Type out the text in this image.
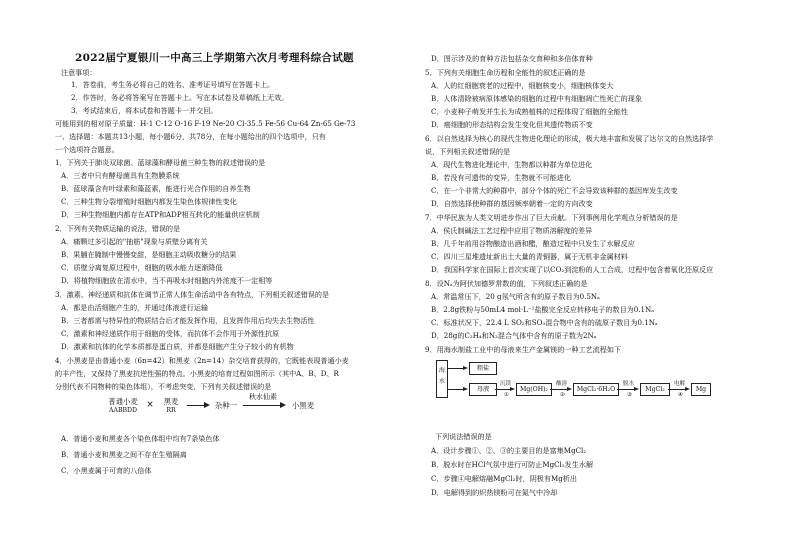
2022届宁夏银川一中高三上学期第六次月考理科综合试题
注意事项：
1．答卷前，考生务必将自己的姓名、准考证号填写在答题卡上。
2．作答时，务必将答案写在答题卡上。写在本试卷及草稿纸上无效。
3．考试结束后，将本试卷和答题卡一并交回。
可能用到的相对原子质量：H-1 C-12 O-16 F-19 Ne-20 Cl-35.5 Fe-56 Cu-64 Zn-65 Ge-73
一、选择题：本题共13小题，每小题6分，共78分，在每小题给出的四个选项中，只有
一个选项符合题意。
1．下列关于肺炎双球菌、蓝球藻和酵母菌三种生物的叙述错误的是
A．三者中只有酵母菌具有生物膜系统
B．蓝球藻含有叶绿素和藻蓝素，能进行光合作用的自养生物
C．三种生物分裂增殖时细胞内都发生染色体规律性变化
D．三种生物细胞内都存在ATP和ADP相互转化的能量供应机制
2．下列有关物质运输的说法，错误的是
A．痛颗过多引起的"抽筋"现象与质壁分离有关
B．果脯在腌制中慢慢变甜，是细胞主动吸收糖分的结果
C．质壁分离复原过程中，细胞的吸水能力逐渐降低
D．将植物细胞放在清水中，当不再吸水时细胞内外浓度不一定相等
3．激素、神经递质和抗体在调节正常人体生命活动中各有特点，下列相关叙述错误的是
A．都是由活细胞产生的，并通过体液进行运输
B．三者都需与特异性的物质结合后才能发挥作用，且发挥作用后均失去生物活性
C．激素和神经递质作用于细胞的受体，而抗体不会作用于外源性抗原
D．激素和抗体的化学本质都是蛋白质，并都是细胞产生分子较小的有机物
4．小黑麦是由普通小麦（6n=42）和黑麦（2n=14）杂交培育获得的，它既能表现普通小麦
的丰产性，又保持了黑麦抗逆性强的特点。小黑麦的培育过程如图所示（其中A、B、D、R
分别代表不同物种的染色体组），不考虑突变，下列有关叙述错误的是
A．普通小麦和黑麦各个染色体组中均有7条染色体
B．普通小麦和黑麦之间不存在生殖隔离
C．小黑麦属于可育的八倍体
普通小麦
AABBDD
×	黑麦
RR
杂种一
秋水仙素
小黑麦
D．图示涉及的育种方法包括杂交育种和多倍体育种
5．下列有关细胞生命历程和全能性的叙述正确的是
A．人的红细胞衰老的过程中，细胞核变小，细胞核体变大
B．人体清除被病原体感染的细胞的过程中有细胞凋亡性死亡的现象
C．小麦种子萌发并生长为成熟植株的过程体现了细胞的全能性
D．癌细胞的形态结构会发生变化但其遗传物质不变
6．以自然选择为核心的现代生物进化理论的形成，极大地丰富和发展了达尔文的自然选择学
说，下列相关叙述错误的是
A．现代生物进化理论中，生物都以种群为单位进化
B．若没有可遗传的变异，生物就不可能进化
C．在一个非常大的种群中，部分个体的死亡不会导致该种群的基因库发生改变
D．自然选择使种群的基因频率朝着一定的方向改变
7．中华民族为人类文明进步作出了巨大贡献。下列事例用化学观点分析错误的是
A．侯氏制碱法工艺过程中应用了物质溶解度的差异
B．几千年前用谷物酿造出酒和醋，酿造过程中只发生了水解反应
C．四川三星堆遗址新出土大量的青铜器，属于无机非金属材料
D．我国科学家在国际上首次实现了以CO₂到淀粉的人工合成，过程中包含着氧化还原反应
8．设Nₐ为阿伏加德罗常数的值，下列叙述正确的是
A．常温常压下，20 g氖气所含有的原子数目为0.5Nₐ
B．2.8g铁粉与50mL4 mol·L⁻¹盐酸完全反应转移电子的数目为0.1Nₐ
C．标准状况下，22.4 L SO₂和SO₃混合物中含有的硫原子数目为0.1Nₐ
D．28g的C₂H₄和N₂混合气体中含有的原子数为2Nₐ
9．用海水制盐工业中的母液来生产金属镁的一种工艺流程如下
下列说法错误的是
A．设计步骤①、②、③的主要目的是富集MgCl₂
B．脱水时在HCl气氛中进行可防止MgCl₂发生水解
C．步骤④电解熔融MgCl₂时，阴极有Mg析出
D．电解得到的炽热镁粉可在氮气中冷却
海水
粗盐
母液
沉镁
①
Mg(OH)₂
酸溶
②
MgCl₂·6H₂O
脱水
③
MgCl₂
电解
④
Mg
